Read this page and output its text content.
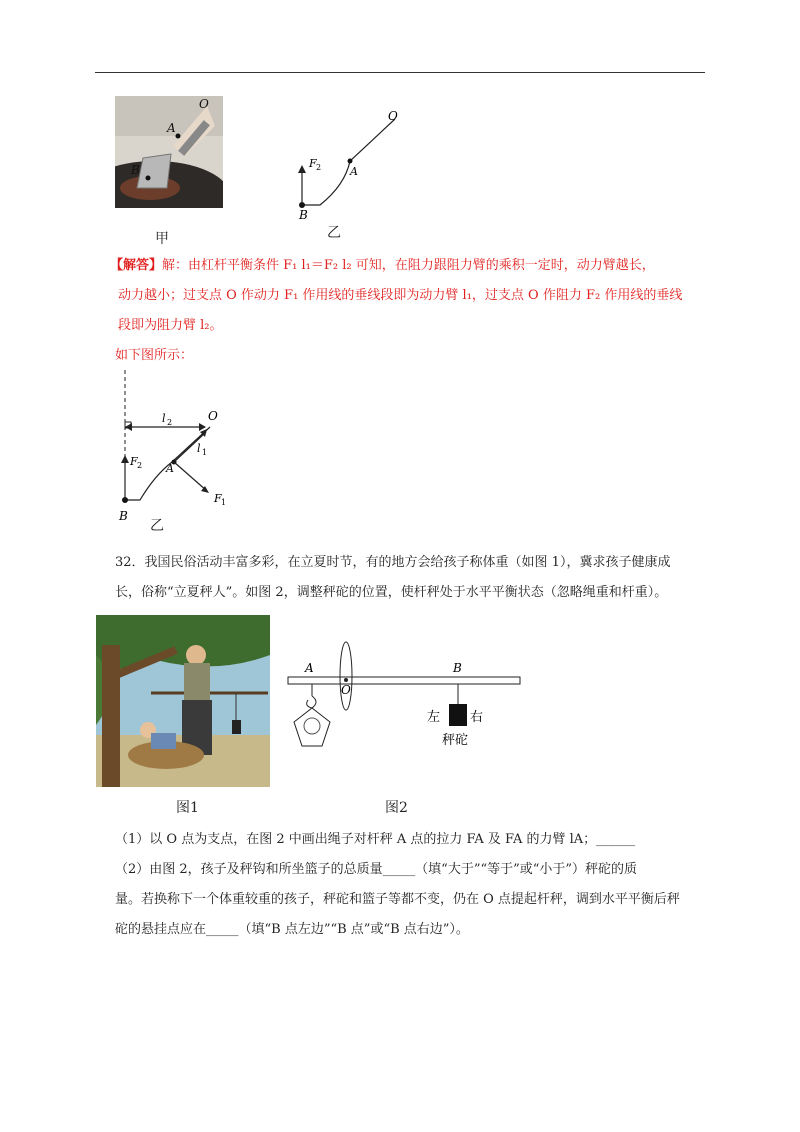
O
A
B
甲
F 2
O
A
B
乙
【解答】解：由杠杆平衡条件 F₁ l₁＝F₂ l₂ 可知，在阻力跟阻力臂的乘积一定时，动力臂越长，
动力越小；过支点 O 作动力 F₁ 作用线的垂线段即为动力臂 l₁，过支点 O 作阻力 F₂ 作用线的垂线
段即为阻力臂 l₂。
如下图所示：
l 2	O
l 1
F 1
F 2 A
B
乙
32．我国民俗活动丰富多彩，在立夏时节，有的地方会给孩子称体重（如图 1），冀求孩子健康成
长，俗称“立夏秤人”。如图 2，调整秤砣的位置，使杆秤处于水平平衡状态（忽略绳重和杆重）。
O
A	B
左 右
秤砣
图1	图2
（1）以 O 点为支点，在图 2 中画出绳子对杆秤 A 点的拉力 FA 及 FA 的力臂 lA；______
（2）由图 2，孩子及秤钩和所坐篮子的总质量_____（填“大于”“等于”或“小于”）秤砣的质
量。若换称下一个体重较重的孩子，秤砣和篮子等都不变，仍在 O 点提起杆秤，调到水平平衡后秤
砣的悬挂点应在_____（填“B 点左边”“B 点”或“B 点右边”）。
